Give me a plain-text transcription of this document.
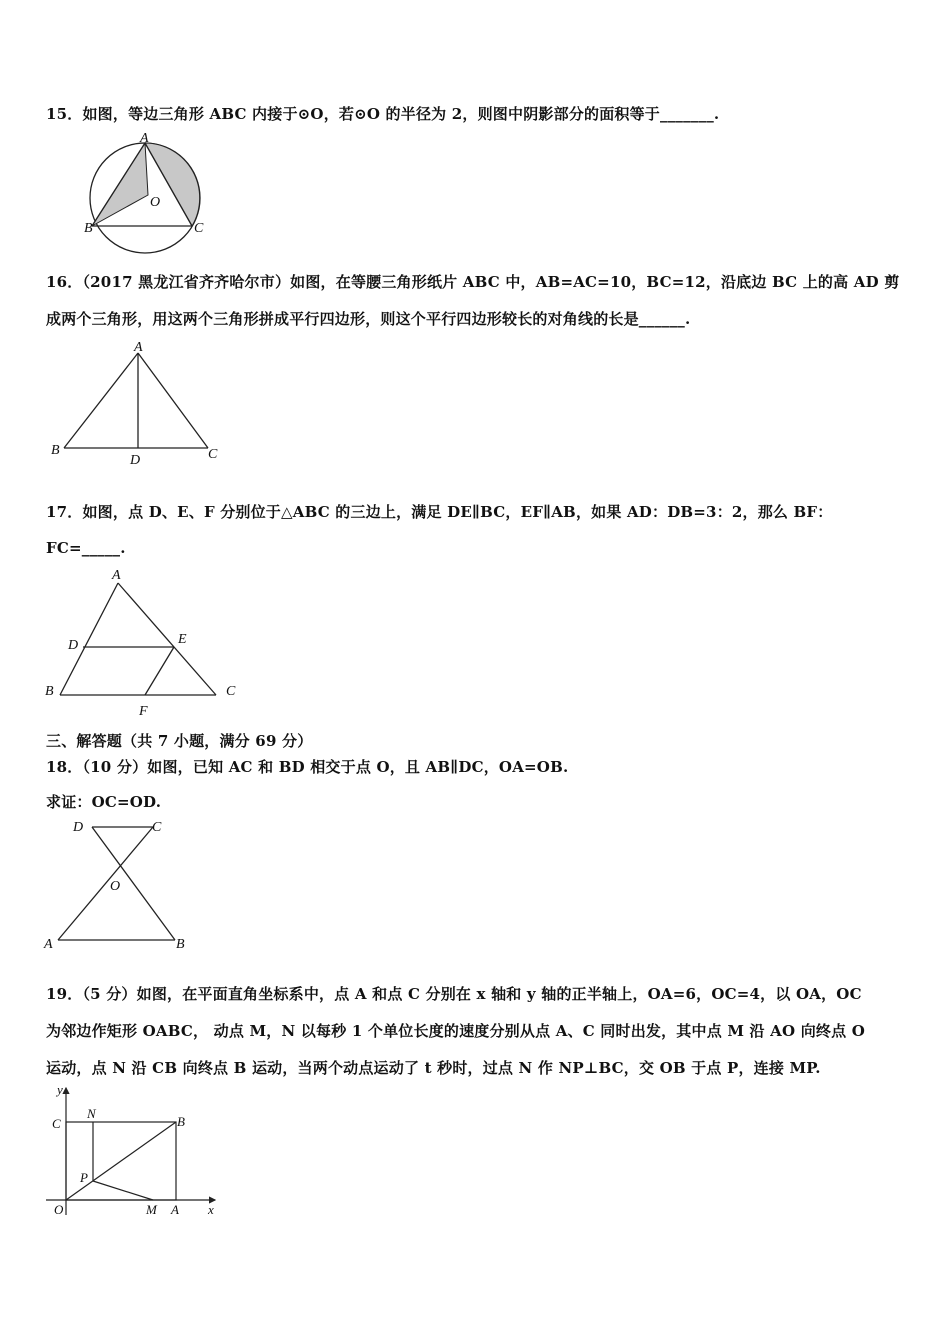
15．如图，等边三角形 ABC 内接于⊙O，若⊙O 的半径为 2，则图中阴影部分的面积等于_______.
A
B	C
O
16．（2017 黑龙江省齐齐哈尔市）如图，在等腰三角形纸片 ABC 中，AB=AC=10，BC=12，沿底边 BC 上的高 AD 剪
成两个三角形，用这两个三角形拼成平行四边形，则这个平行四边形较长的对角线的长是______.
A
B	C
D
17．如图，点 D、E、F 分别位于△ABC 的三边上，满足 DE∥BC，EF∥AB，如果 AD：DB=3：2，那么 BF：
FC=_____.
A
D	E
B	C
F
三、解答题（共 7 小题，满分 69 分）
18．（10 分）如图，已知 AC 和 BD 相交于点 O，且 AB∥DC，OA=OB.
求证：OC=OD.
D	C
O
A	B
19．（5 分）如图，在平面直角坐标系中，点 A 和点 C 分别在 x 轴和 y 轴的正半轴上，OA=6，OC=4，以 OA，OC
为邻边作矩形 OABC， 动点 M，N 以每秒 1 个单位长度的速度分别从点 A、C 同时出发，其中点 M 沿 AO 向终点 O
运动，点 N 沿 CB 向终点 B 运动，当两个动点运动了 t 秒时，过点 N 作 NP⊥BC，交 OB 于点 P，连接 MP.
y
x
C
N
B
P
O	M A
